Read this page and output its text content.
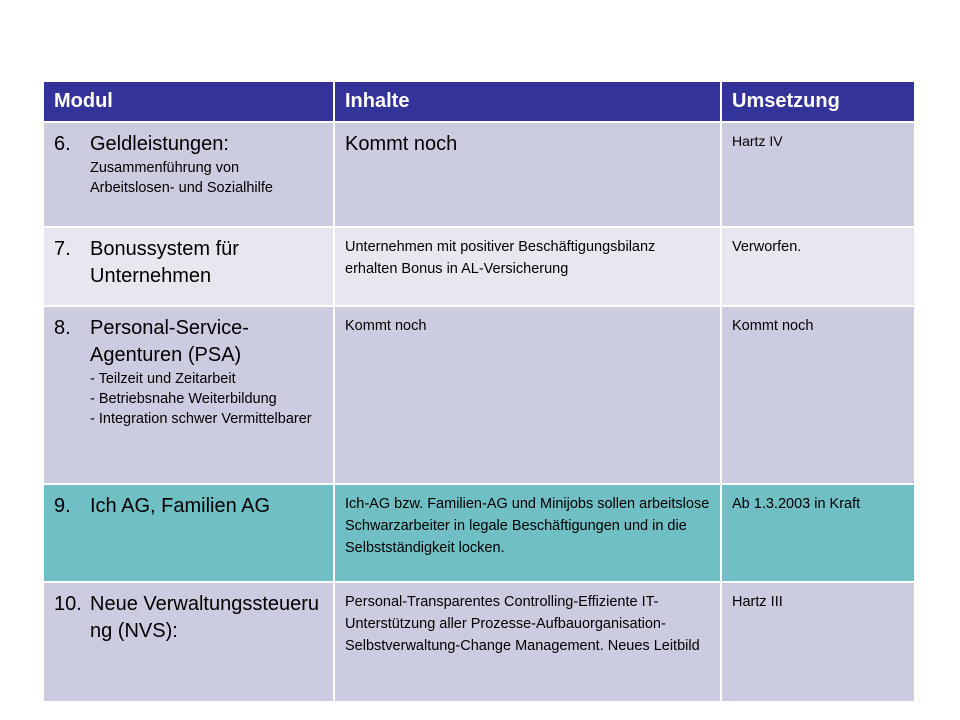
Modul	Inhalte	Umsetzung

6. Geldleistungen:
Zusammenführung von Arbeitslosen- und Sozialhilfe	Kommt noch	Hartz IV

7. Bonussystem für Unternehmen	Unternehmen mit positiver Beschäftigungsbilanz erhalten Bonus in AL-Versicherung	Verworfen.

8. Personal-Service-Agenturen (PSA)
- Teilzeit und Zeitarbeit
- Betriebsnahe Weiterbildung
- Integration schwer Vermittelbarer	Kommt noch	Kommt noch

9. Ich AG, Familien AG	Ich-AG bzw. Familien-AG und Minijobs sollen arbeitslose Schwarzarbeiter in legale Beschäftigungen und in die Selbstständigkeit locken.	Ab 1.3.2003 in Kraft

10. Neue Verwaltungssteuerung (NVS):	Personal-Transparentes Controlling-Effiziente IT-Unterstützung aller Prozesse-Aufbauorganisation-Selbstverwaltung-Change Management. Neues Leitbild	Hartz III
